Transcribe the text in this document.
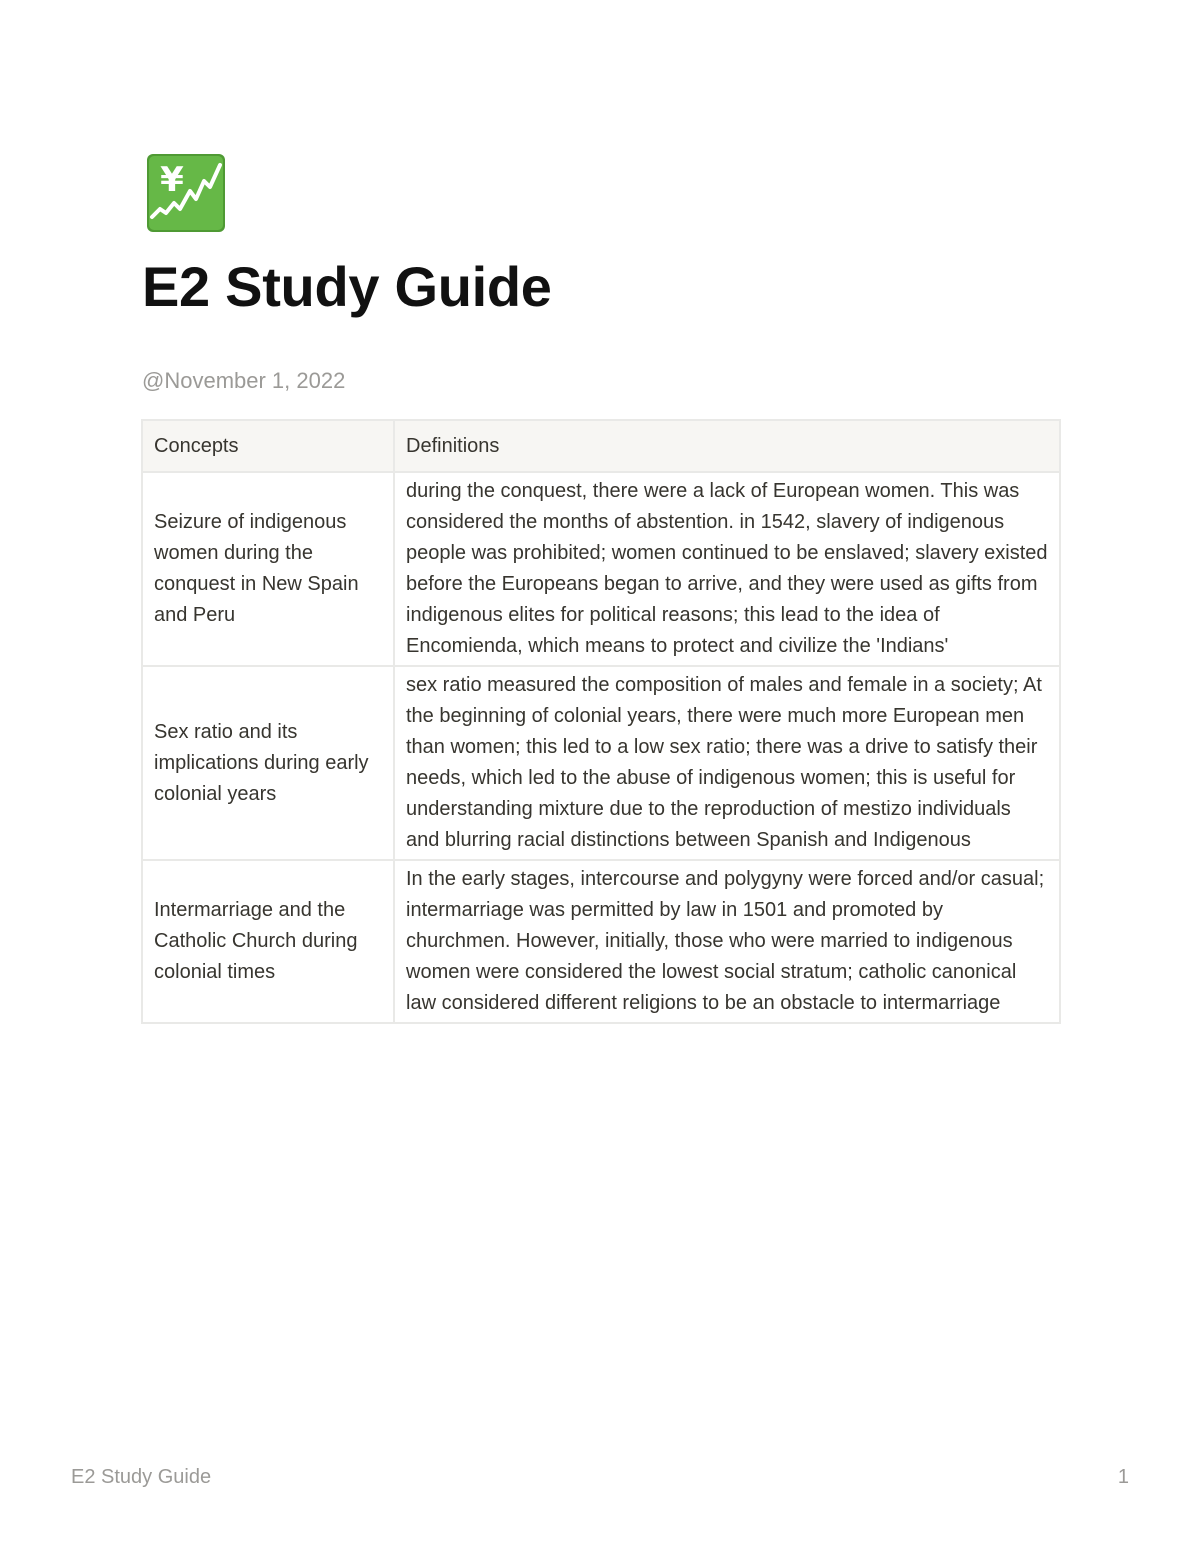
¥
E2 Study Guide
@November 1, 2022
Concepts	Definitions
Seizure of indigenous women during the conquest in New Spain and Peru	during the conquest, there were a lack of European women. This was considered the months of abstention. in 1542, slavery of indigenous people was prohibited; women continued to be enslaved; slavery existed before the Europeans began to arrive, and they were used as gifts from indigenous elites for political reasons; this lead to the idea of Encomienda, which means to protect and civilize the 'Indians'
Sex ratio and its implications during early colonial years	sex ratio measured the composition of males and female in a society; At the beginning of colonial years, there were much more European men than women; this led to a low sex ratio; there was a drive to satisfy their needs, which led to the abuse of indigenous women; this is useful for understanding mixture due to the reproduction of mestizo individuals and blurring racial distinctions between Spanish and Indigenous
Intermarriage and the Catholic Church during colonial times	In the early stages, intercourse and polygyny were forced and/or casual; intermarriage was permitted by law in 1501 and promoted by churchmen. However, initially, those who were married to indigenous women were considered the lowest social stratum; catholic canonical law considered different religions to be an obstacle to intermarriage
E2 Study Guide	1
